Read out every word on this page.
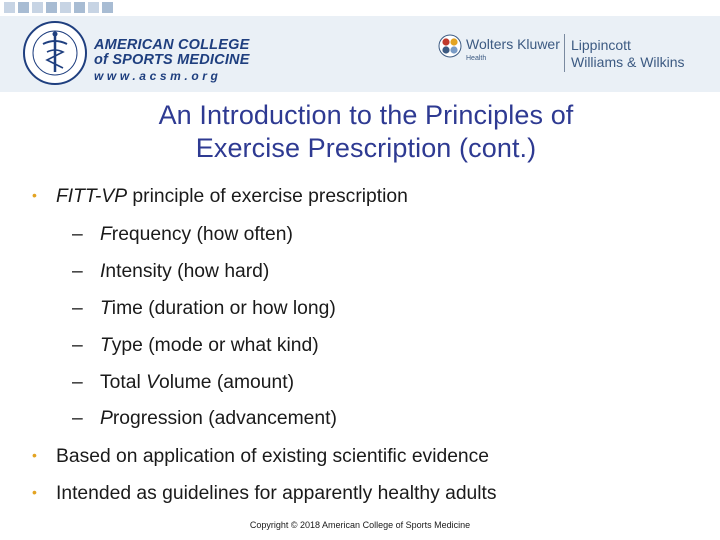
AMERICAN COLLEGE
of SPORTS MEDICINE
www.acsm.org
Wolters Kluwer
Health
Lippincott
Williams & Wilkins
An Introduction to the Principles of
Exercise Prescription (cont.)
• FITT-VP principle of exercise prescription
– Frequency (how often)
– Intensity (how hard)
– Time (duration or how long)
– Type (mode or what kind)
– Total Volume (amount)
– Progression (advancement)
• Based on application of existing scientific evidence
• Intended as guidelines for apparently healthy adults
Copyright © 2018 American College of Sports Medicine
